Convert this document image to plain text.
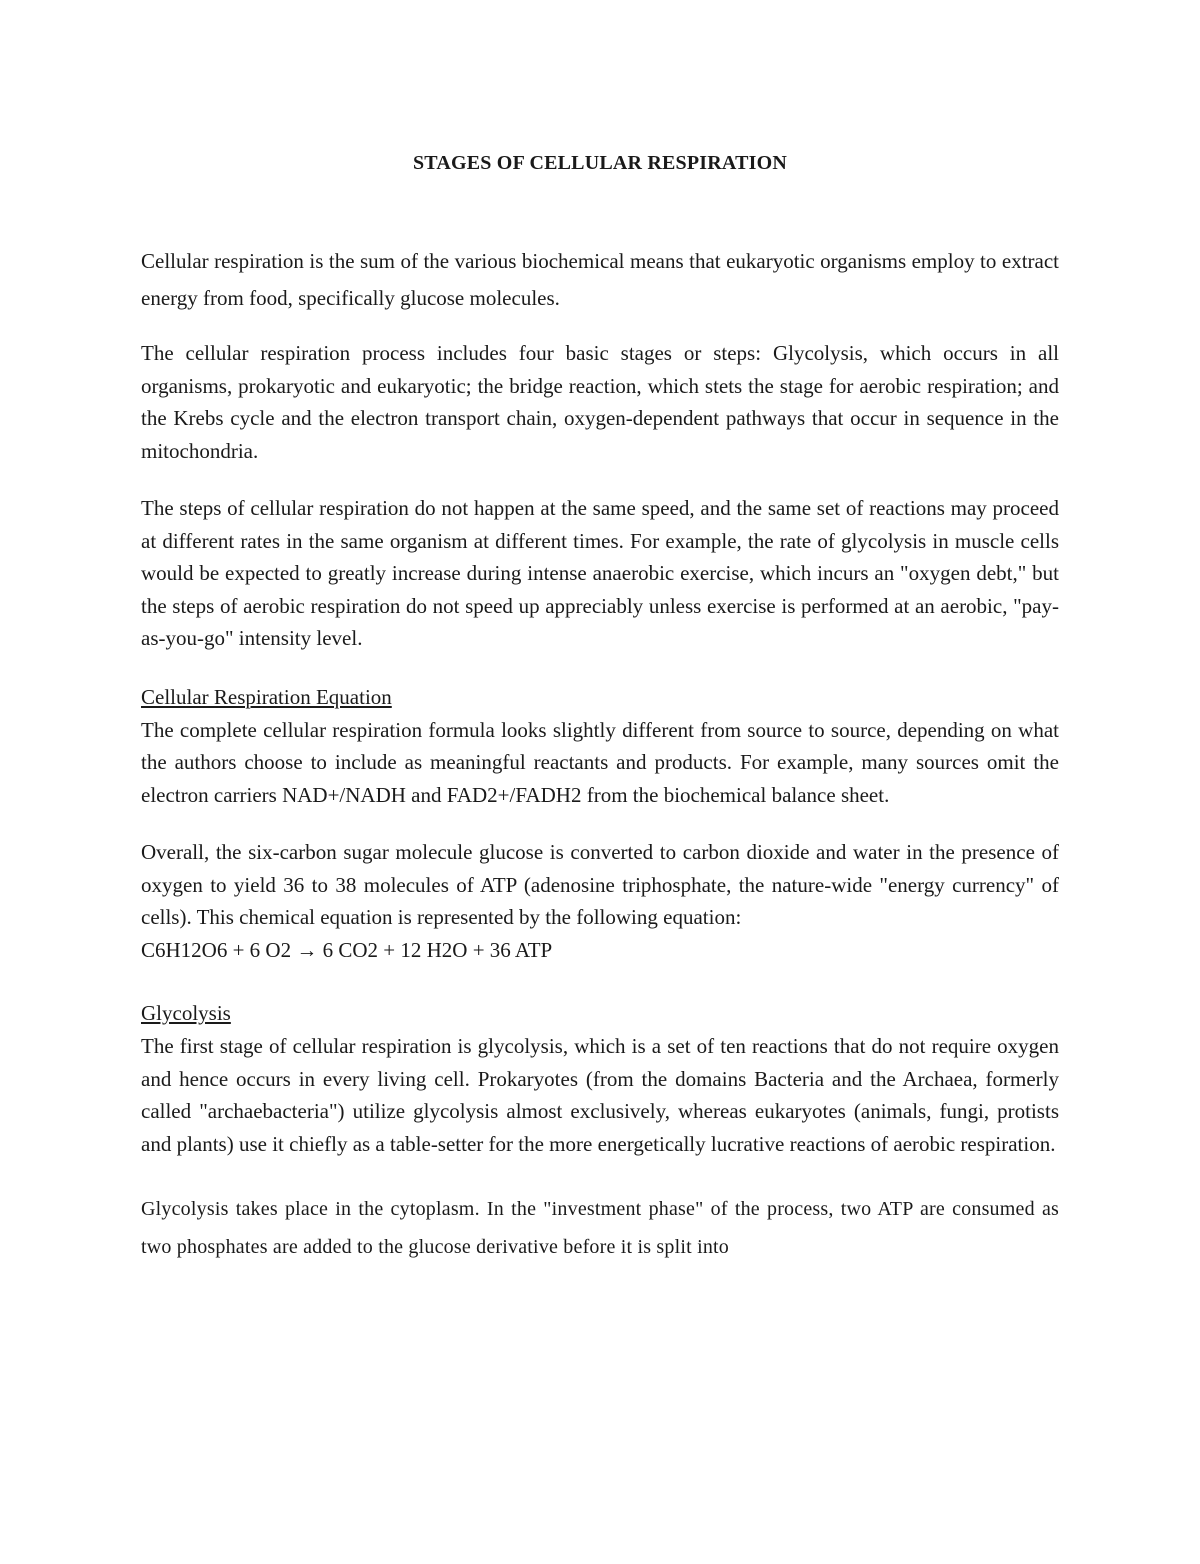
STAGES OF CELLULAR RESPIRATION

Cellular respiration is the sum of the various biochemical means that eukaryotic organisms employ to extract energy from food, specifically glucose molecules.

The cellular respiration process includes four basic stages or steps: Glycolysis, which occurs in all organisms, prokaryotic and eukaryotic; the bridge reaction, which stets the stage for aerobic respiration; and the Krebs cycle and the electron transport chain, oxygen-dependent pathways that occur in sequence in the mitochondria.

The steps of cellular respiration do not happen at the same speed, and the same set of reactions may proceed at different rates in the same organism at different times. For example, the rate of glycolysis in muscle cells would be expected to greatly increase during intense anaerobic exercise, which incurs an "oxygen debt," but the steps of aerobic respiration do not speed up appreciably unless exercise is performed at an aerobic, "pay-as-you-go" intensity level.

Cellular Respiration Equation

The complete cellular respiration formula looks slightly different from source to source, depending on what the authors choose to include as meaningful reactants and products. For example, many sources omit the electron carriers NAD+/NADH and FAD2+/FADH2 from the biochemical balance sheet.

Overall, the six-carbon sugar molecule glucose is converted to carbon dioxide and water in the presence of oxygen to yield 36 to 38 molecules of ATP (adenosine triphosphate, the nature-wide "energy currency" of cells). This chemical equation is represented by the following equation:
C6H12O6 + 6 O2 → 6 CO2 + 12 H2O + 36 ATP

Glycolysis

The first stage of cellular respiration is glycolysis, which is a set of ten reactions that do not require oxygen and hence occurs in every living cell. Prokaryotes (from the domains Bacteria and the Archaea, formerly called "archaebacteria") utilize glycolysis almost exclusively, whereas eukaryotes (animals, fungi, protists and plants) use it chiefly as a table-setter for the more energetically lucrative reactions of aerobic respiration.

Glycolysis takes place in the cytoplasm. In the "investment phase" of the process, two ATP are consumed as two phosphates are added to the glucose derivative before it is split into
